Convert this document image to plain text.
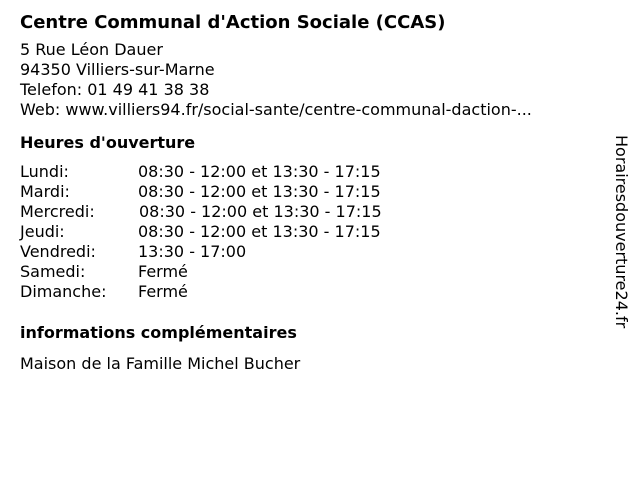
Centre Communal d'Action Sociale (CCAS)
5 Rue Léon Dauer
94350 Villiers-sur-Marne
Telefon: 01 49 41 38 38
Web: www.villiers94.fr/social-sante/centre-communal-daction-...
Heures d'ouverture
Lundi:	08:30 - 12:00 et 13:30 - 17:15
Mardi:	08:30 - 12:00 et 13:30 - 17:15
Mercredi:	08:30 - 12:00 et 13:30 - 17:15
Jeudi:	08:30 - 12:00 et 13:30 - 17:15
Vendredi:	13:30 - 17:00
Samedi:	Fermé
Dimanche: Fermé
informations complémentaires
Maison de la Famille Michel Bucher
Horairesdouverture24.fr
